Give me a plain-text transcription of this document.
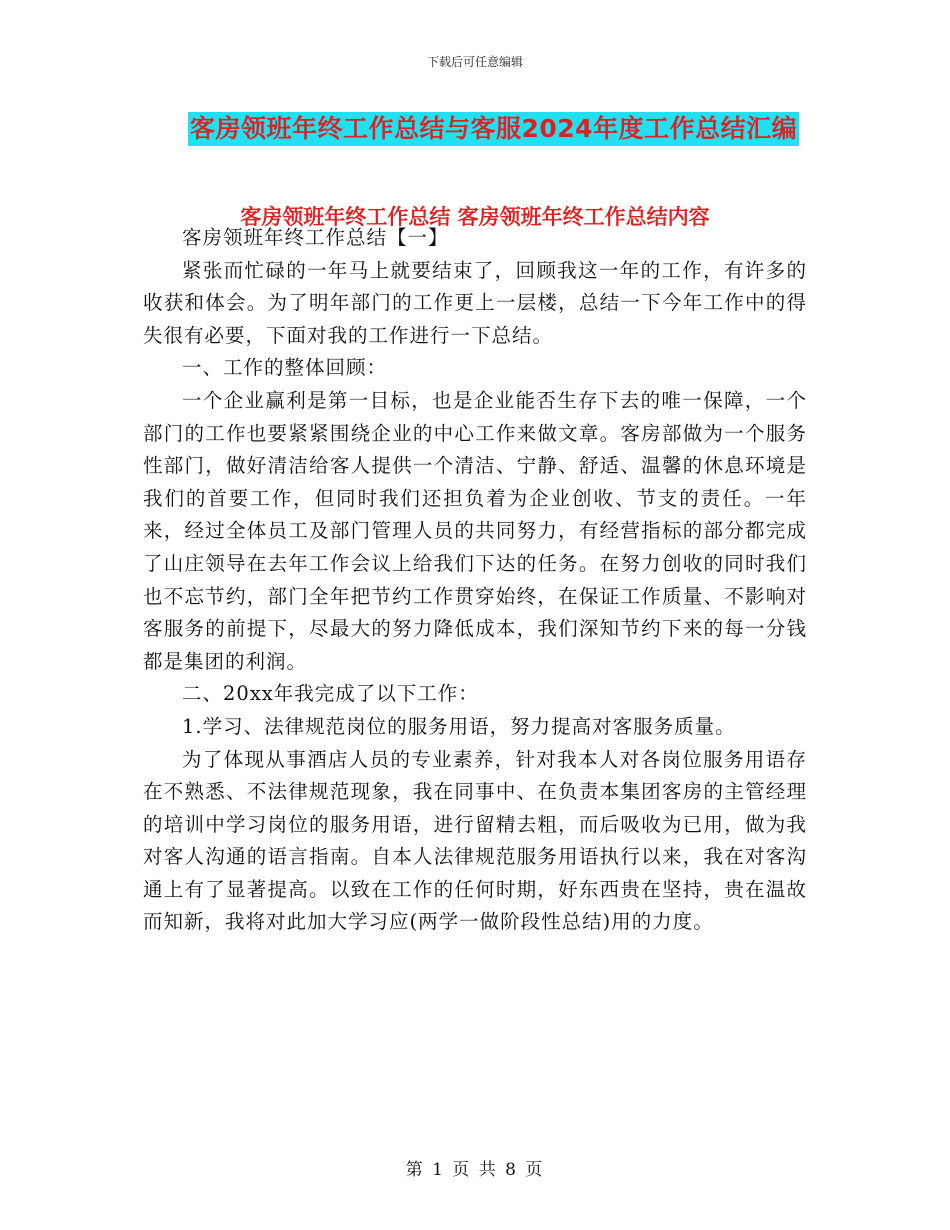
下载后可任意编辑
客房领班年终工作总结与客服2024年度工作总结汇编
客房领班年终工作总结 客房领班年终工作总结内容

客房领班年终工作总结【一】

紧张而忙碌的一年马上就要结束了，回顾我这一年的工作，有许多的收获和体会。为了明年部门的工作更上一层楼，总结一下今年工作中的得失很有必要，下面对我的工作进行一下总结。

一、工作的整体回顾：

一个企业赢利是第一目标，也是企业能否生存下去的唯一保障，一个部门的工作也要紧紧围绕企业的中心工作来做文章。客房部做为一个服务性部门，做好清洁给客人提供一个清洁、宁静、舒适、温馨的休息环境是我们的首要工作，但同时我们还担负着为企业创收、节支的责任。一年来，经过全体员工及部门管理人员的共同努力，有经营指标的部分都完成了山庄领导在去年工作会议上给我们下达的任务。在努力创收的同时我们也不忘节约，部门全年把节约工作贯穿始终，在保证工作质量、不影响对客服务的前提下，尽最大的努力降低成本，我们深知节约下来的每一分钱都是集团的利润。

二、20xx年我完成了以下工作：

1.学习、法律规范岗位的服务用语，努力提高对客服务质量。

为了体现从事酒店人员的专业素养，针对我本人对各岗位服务用语存在不熟悉、不法律规范现象，我在同事中、在负责本集团客房的主管经理的培训中学习岗位的服务用语，进行留精去粗，而后吸收为已用，做为我对客人沟通的语言指南。自本人法律规范服务用语执行以来，我在对客沟通上有了显著提高。以致在工作的任何时期，好东西贵在坚持，贵在温故而知新，我将对此加大学习应(两学一做阶段性总结)用的力度。

第 1 页 共 8 页
